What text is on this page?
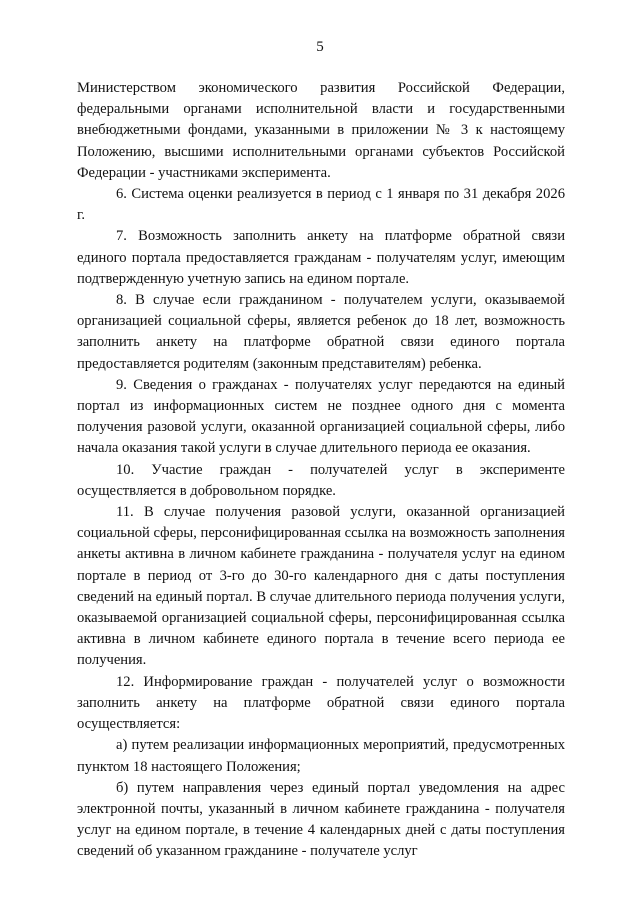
5

Министерством экономического развития Российской Федерации, федеральными органами исполнительной власти и государственными внебюджетными фондами, указанными в приложении № 3 к настоящему Положению, высшими исполнительными органами субъектов Российской Федерации - участниками эксперимента.

6. Система оценки реализуется в период с 1 января по 31 декабря 2026 г.

7. Возможность заполнить анкету на платформе обратной связи единого портала предоставляется гражданам - получателям услуг, имеющим подтвержденную учетную запись на едином портале.

8. В случае если гражданином - получателем услуги, оказываемой организацией социальной сферы, является ребенок до 18 лет, возможность заполнить анкету на платформе обратной связи единого портала предоставляется родителям (законным представителям) ребенка.

9. Сведения о гражданах - получателях услуг передаются на единый портал из информационных систем не позднее одного дня с момента получения разовой услуги, оказанной организацией социальной сферы, либо начала оказания такой услуги в случае длительного периода ее оказания.

10. Участие граждан - получателей услуг в эксперименте осуществляется в добровольном порядке.

11. В случае получения разовой услуги, оказанной организацией социальной сферы, персонифицированная ссылка на возможность заполнения анкеты активна в личном кабинете гражданина - получателя услуг на едином портале в период от 3-го до 30-го календарного дня с даты поступления сведений на единый портал. В случае длительного периода получения услуги, оказываемой организацией социальной сферы, персонифицированная ссылка активна в личном кабинете единого портала в течение всего периода ее получения.

12. Информирование граждан - получателей услуг о возможности заполнить анкету на платформе обратной связи единого портала осуществляется:

а) путем реализации информационных мероприятий, предусмотренных пунктом 18 настоящего Положения;

б) путем направления через единый портал уведомления на адрес электронной почты, указанный в личном кабинете гражданина - получателя услуг на едином портале, в течение 4 календарных дней с даты поступления сведений об указанном гражданине - получателе услуг
